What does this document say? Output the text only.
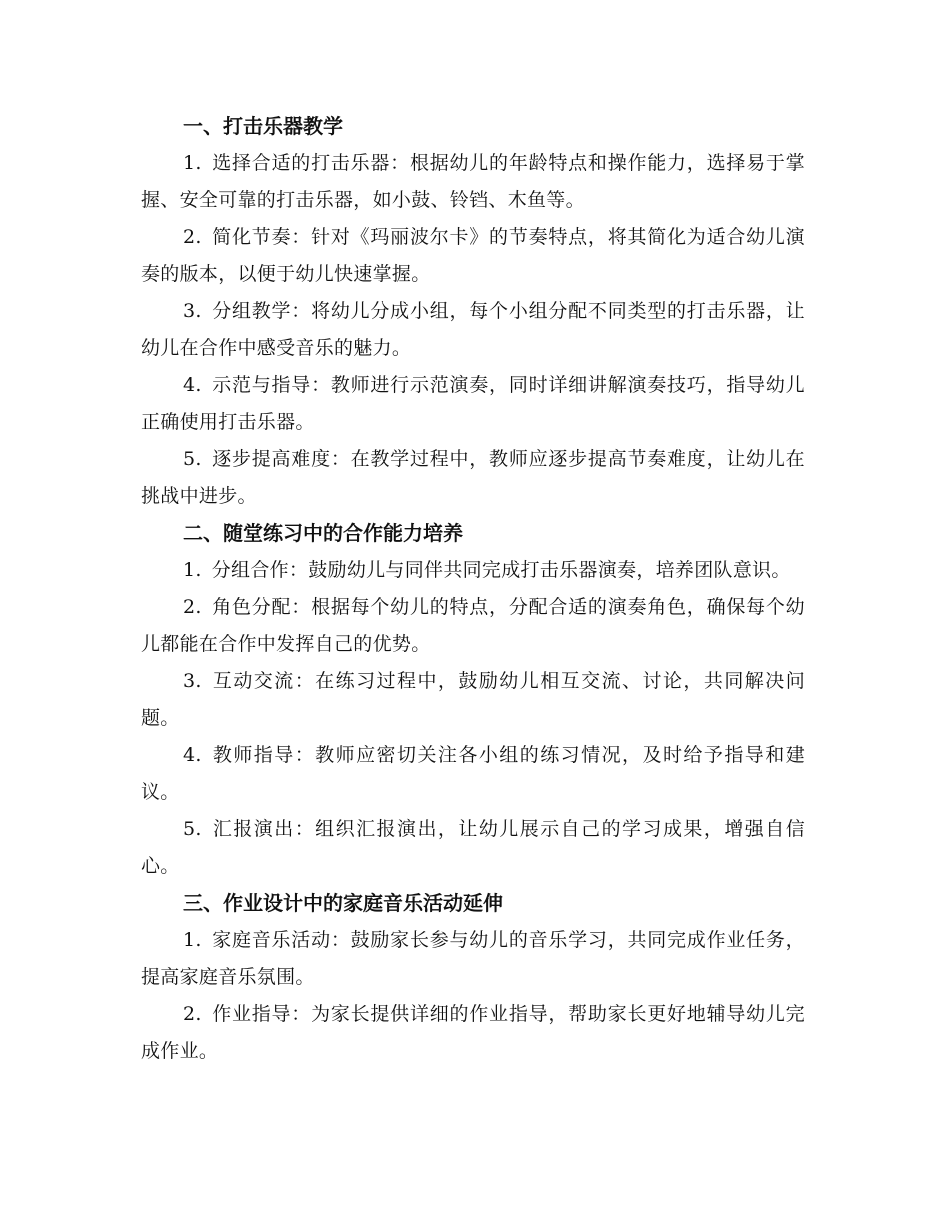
一、打击乐器教学

1. 选择合适的打击乐器：根据幼儿的年龄特点和操作能力，选择易于掌握、安全可靠的打击乐器，如小鼓、铃铛、木鱼等。

2. 简化节奏：针对《玛丽波尔卡》的节奏特点，将其简化为适合幼儿演奏的版本，以便于幼儿快速掌握。

3. 分组教学：将幼儿分成小组，每个小组分配不同类型的打击乐器，让幼儿在合作中感受音乐的魅力。

4. 示范与指导：教师进行示范演奏，同时详细讲解演奏技巧，指导幼儿正确使用打击乐器。

5. 逐步提高难度：在教学过程中，教师应逐步提高节奏难度，让幼儿在挑战中进步。

二、随堂练习中的合作能力培养

1. 分组合作：鼓励幼儿与同伴共同完成打击乐器演奏，培养团队意识。

2. 角色分配：根据每个幼儿的特点，分配合适的演奏角色，确保每个幼儿都能在合作中发挥自己的优势。

3. 互动交流：在练习过程中，鼓励幼儿相互交流、讨论，共同解决问题。

4. 教师指导：教师应密切关注各小组的练习情况，及时给予指导和建议。

5. 汇报演出：组织汇报演出，让幼儿展示自己的学习成果，增强自信心。

三、作业设计中的家庭音乐活动延伸

1. 家庭音乐活动：鼓励家长参与幼儿的音乐学习，共同完成作业任务，提高家庭音乐氛围。

2. 作业指导：为家长提供详细的作业指导，帮助家长更好地辅导幼儿完成作业。
